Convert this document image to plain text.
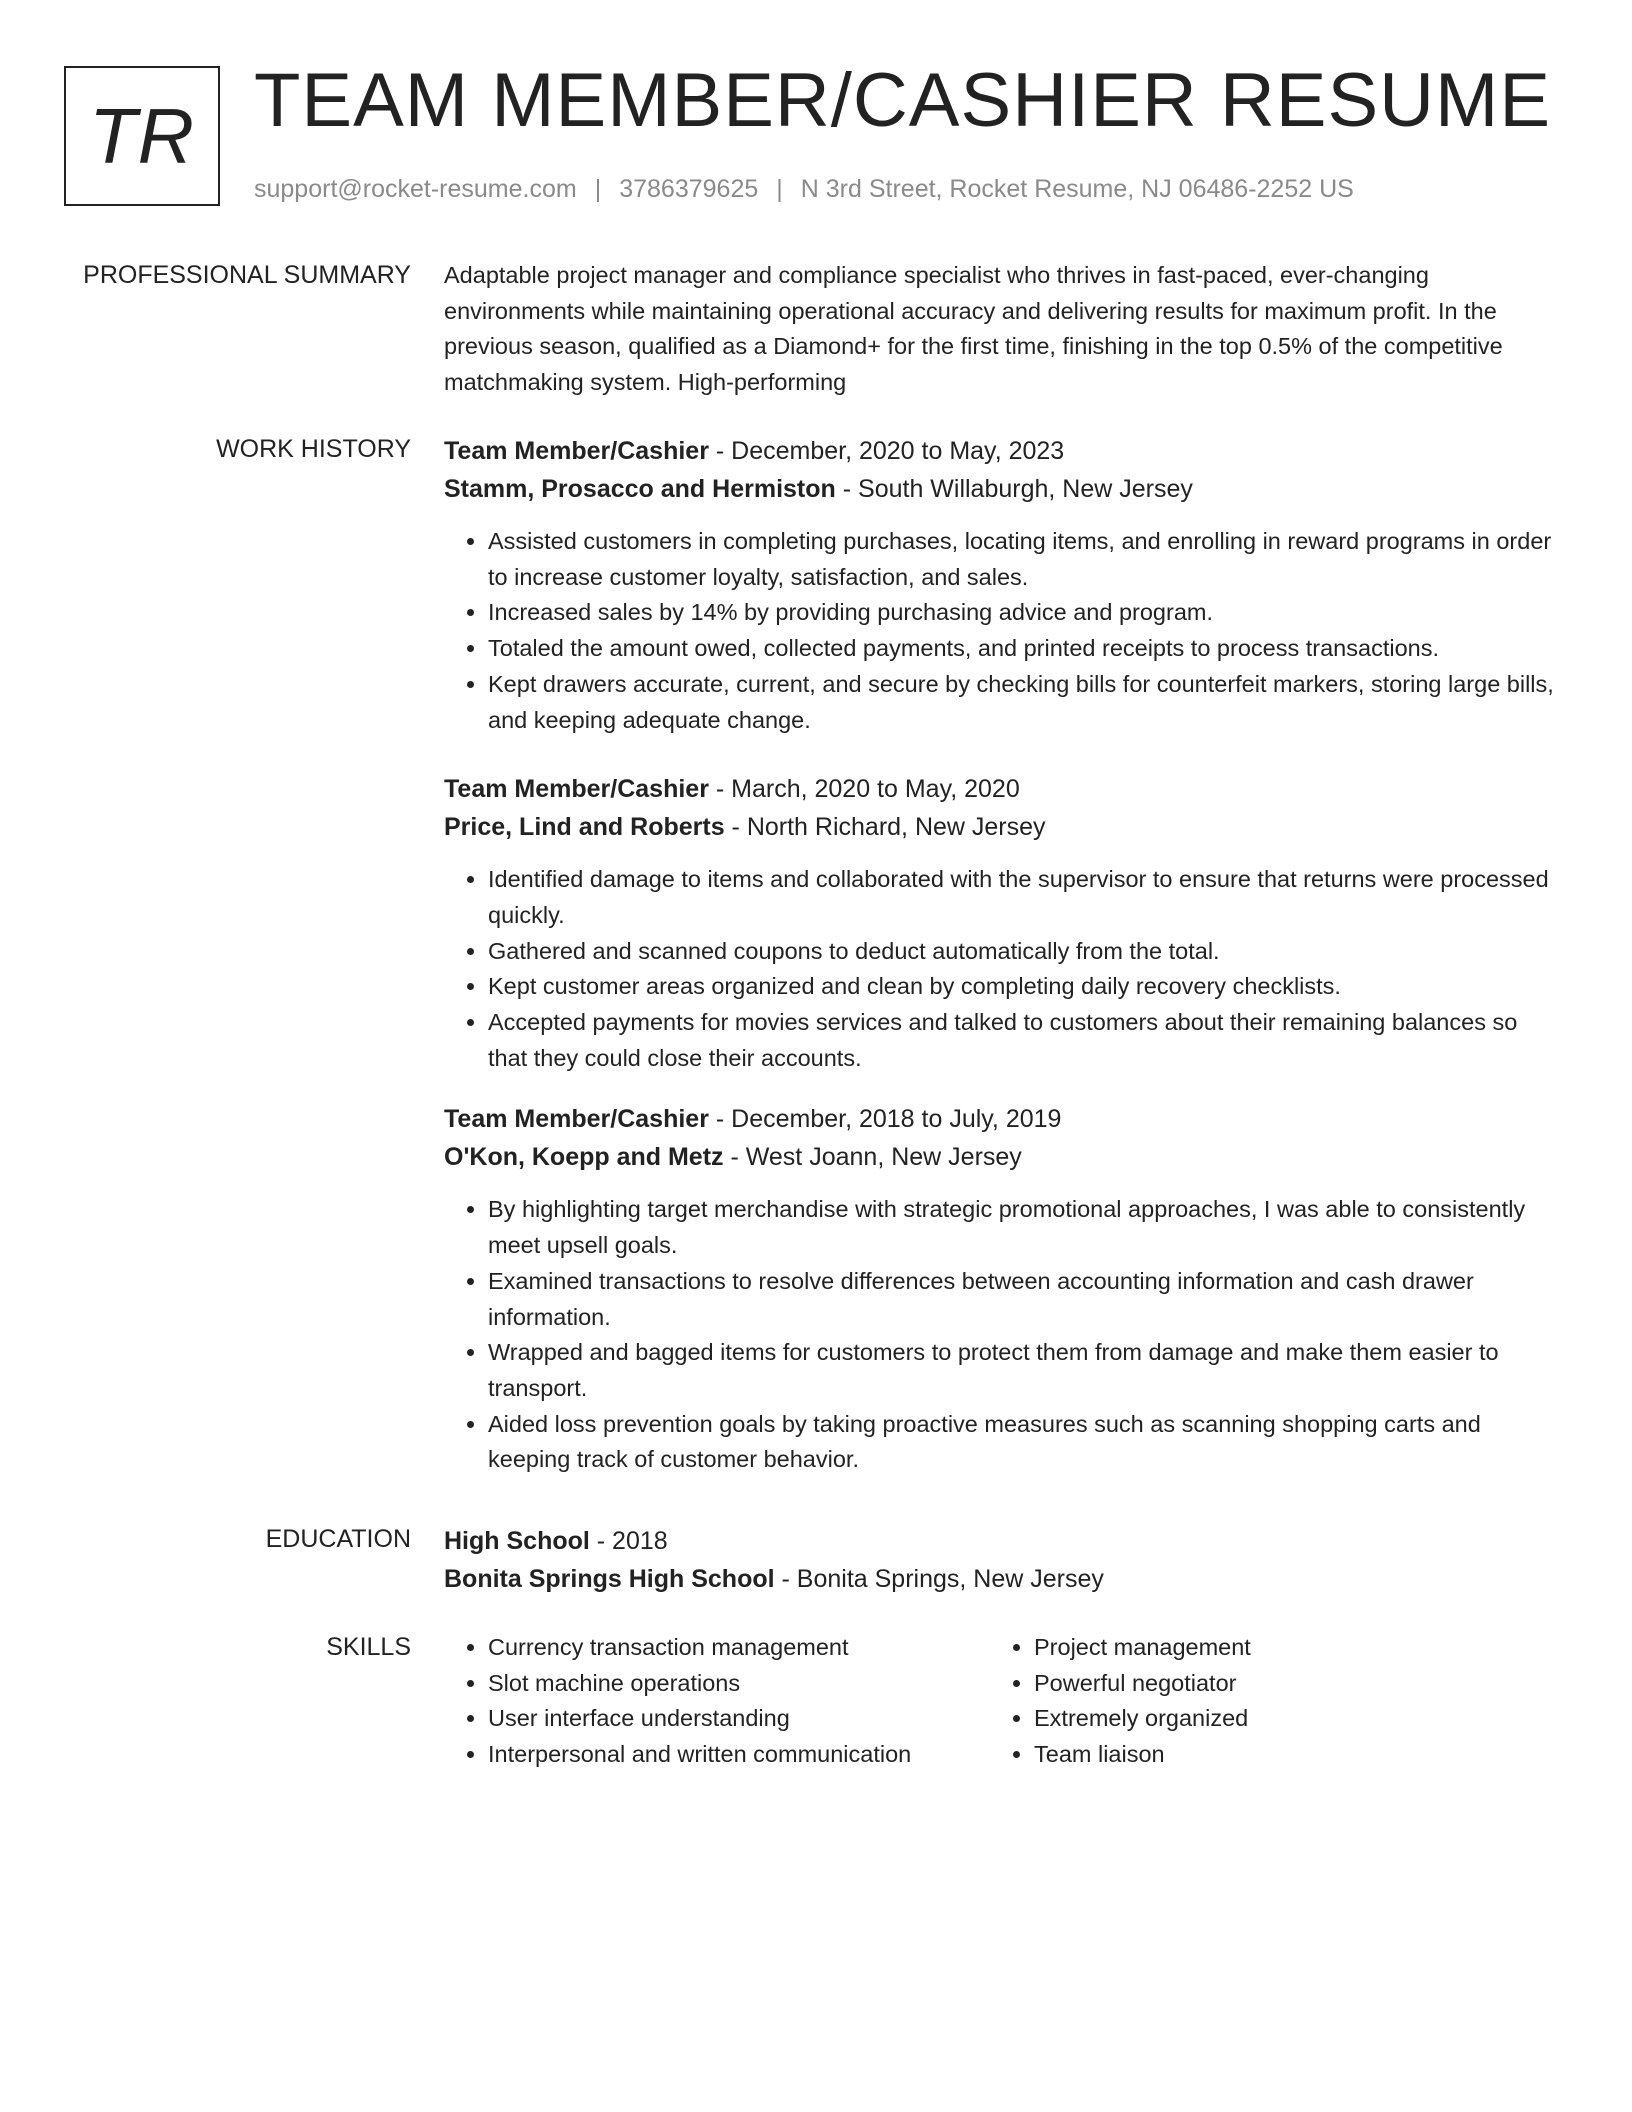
TR TEAM MEMBER/CASHIER RESUME
support@rocket-resume.com | 3786379625 | N 3rd Street, Rocket Resume, NJ 06486-2252 US
PROFESSIONAL SUMMARY Adaptable project manager and compliance specialist who thrives in fast-paced, ever-changing environments while maintaining operational accuracy and delivering results for maximum profit. In the previous season, qualified as a Diamond+ for the first time, finishing in the top 0.5% of the competitive matchmaking system. High-performing

WORK HISTORY Team Member/Cashier - December, 2020 to May, 2023
Stamm, Prosacco and Hermiston - South Willaburgh, New Jersey
• Assisted customers in completing purchases, locating items, and enrolling in reward programs in order to increase customer loyalty, satisfaction, and sales.
• Increased sales by 14% by providing purchasing advice and program.
• Totaled the amount owed, collected payments, and printed receipts to process transactions.
• Kept drawers accurate, current, and secure by checking bills for counterfeit markers, storing large bills, and keeping adequate change.
Team Member/Cashier - March, 2020 to May, 2020
Price, Lind and Roberts - North Richard, New Jersey
• Identified damage to items and collaborated with the supervisor to ensure that returns were processed quickly.
• Gathered and scanned coupons to deduct automatically from the total.
• Kept customer areas organized and clean by completing daily recovery checklists.
• Accepted payments for movies services and talked to customers about their remaining balances so that they could close their accounts.
Team Member/Cashier - December, 2018 to July, 2019
O'Kon, Koepp and Metz - West Joann, New Jersey
• By highlighting target merchandise with strategic promotional approaches, I was able to consistently meet upsell goals.
• Examined transactions to resolve differences between accounting information and cash drawer information.
• Wrapped and bagged items for customers to protect them from damage and make them easier to transport.
• Aided loss prevention goals by taking proactive measures such as scanning shopping carts and keeping track of customer behavior.
EDUCATION High School - 2018
Bonita Springs High School - Bonita Springs, New Jersey
SKILLS
•	Currency transaction management
• Slot machine operations
• User interface understanding
• Interpersonal and written communication
• Project management
• Powerful negotiator
• Extremely organized
• Team liaison
